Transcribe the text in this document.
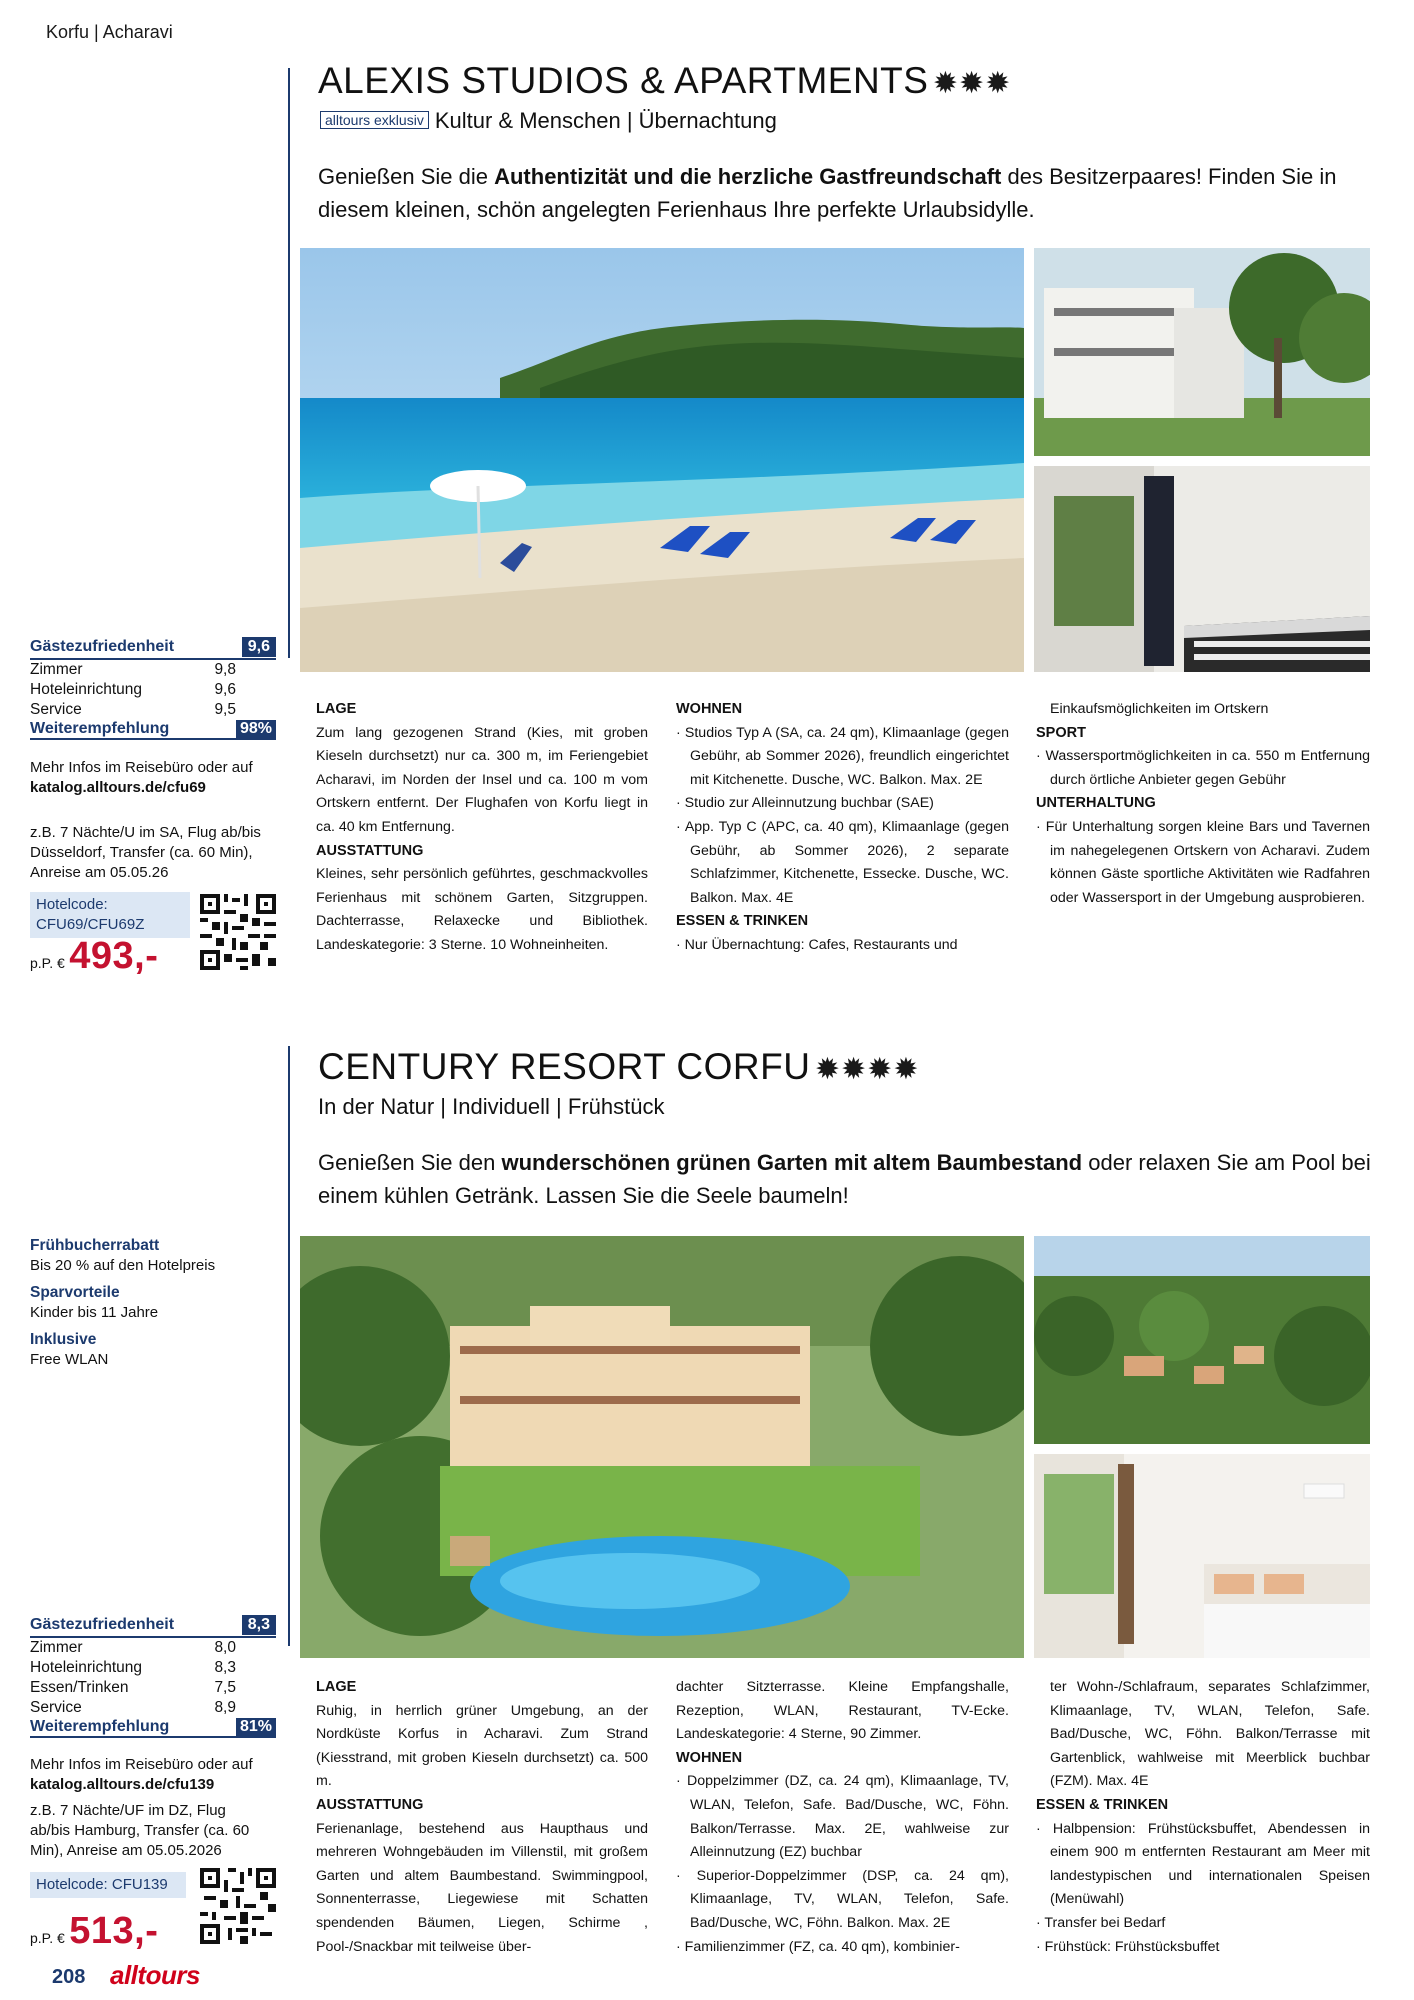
Korfu | Acharavi
ALEXIS STUDIOS & APARTMENTS ✹✹✹
alltours exklusiv Kultur & Menschen | Übernachtung
Genießen Sie die Authentizität und die herzliche Gastfreundschaft des Besitzerpaares! Finden Sie in diesem kleinen, schön angelegten Ferienhaus Ihre perfekte Urlaubsidylle.
Gästezufriedenheit	9,6
Zimmer	9,8
Hoteleinrichtung	9,6
Service	9,5
Weiterempfehlung	98%
Mehr Infos im Reisebüro oder auf
katalog.alltours.de/cfu69
z.B. 7 Nächte/U im SA, Flug ab/bis Düsseldorf, Transfer (ca. 60 Min), Anreise am 05.05.26
Hotelcode:
CFU69/CFU69Z
p.P. € 493,-
LAGE
Zum lang gezogenen Strand (Kies, mit groben Kieseln durchsetzt) nur ca. 300 m, im Feriengebiet Acharavi, im Norden der Insel und ca. 100 m vom Ortskern entfernt. Der Flughafen von Korfu liegt in ca. 40 km Entfernung.
AUSSTATTUNG
Kleines, sehr persönlich geführtes, geschmackvolles Ferienhaus mit schönem Garten, Sitzgruppen. Dachterrasse, Relaxecke und Bibliothek. Landeskategorie: 3 Sterne. 10 Wohneinheiten.
WOHNEN
· Studios Typ A (SA, ca. 24 qm), Klimaanlage (gegen Gebühr, ab Sommer 2026), freundlich eingerichtet mit Kitchenette. Dusche, WC. Balkon. Max. 2E
· Studio zur Alleinnutzung buchbar (SAE)
· App. Typ C (APC, ca. 40 qm), Klimaanlage (gegen Gebühr, ab Sommer 2026), 2 separate Schlafzimmer, Kitchenette, Essecke. Dusche, WC. Balkon. Max. 4E
ESSEN & TRINKEN
· Nur Übernachtung: Cafes, Restaurants und
Einkaufsmöglichkeiten im Ortskern
SPORT
· Wassersportmöglichkeiten in ca. 550 m Entfernung durch örtliche Anbieter gegen Gebühr
UNTERHALTUNG
· Für Unterhaltung sorgen kleine Bars und Tavernen im nahegelegenen Ortskern von Acharavi. Zudem können Gäste sportliche Aktivitäten wie Radfahren oder Wassersport in der Umgebung ausprobieren.
CENTURY RESORT CORFU ✹✹✹✹
In der Natur | Individuell | Frühstück
Genießen Sie den wunderschönen grünen Garten mit altem Baumbestand oder relaxen Sie am Pool bei einem kühlen Getränk. Lassen Sie die Seele baumeln!
Frühbucherrabatt
Bis 20 % auf den Hotelpreis
Sparvorteile
Kinder bis 11 Jahre
Inklusive
Free WLAN
Gästezufriedenheit	8,3
Zimmer	8,0
Hoteleinrichtung	8,3
Essen/Trinken	7,5
Service	8,9
Weiterempfehlung	81%
Mehr Infos im Reisebüro oder auf
katalog.alltours.de/cfu139
z.B. 7 Nächte/UF im DZ, Flug ab/bis Hamburg, Transfer (ca. 60 Min), Anreise am 05.05.2026
Hotelcode: CFU139
p.P. € 513,-
LAGE
Ruhig, in herrlich grüner Umgebung, an der Nordküste Korfus in Acharavi. Zum Strand (Kiesstrand, mit groben Kieseln durchsetzt) ca. 500 m.
AUSSTATTUNG
Ferienanlage, bestehend aus Haupthaus und mehreren Wohngebäuden im Villenstil, mit großem Garten und altem Baumbestand. Swimmingpool, Sonnenterrasse, Liegewiese mit Schatten spendenden Bäumen, Liegen, Schirme , Pool-/Snackbar mit teilweise über-
dachter Sitzterrasse. Kleine Empfangshalle, Rezeption, WLAN, Restaurant, TV-Ecke. Landeskategorie: 4 Sterne, 90 Zimmer.
WOHNEN
· Doppelzimmer (DZ, ca. 24 qm), Klimaanlage, TV, WLAN, Telefon, Safe. Bad/Dusche, WC, Föhn. Balkon/Terrasse. Max. 2E, wahlweise zur Alleinnutzung (EZ) buchbar
· Superior-Doppelzimmer (DSP, ca. 24 qm), Klimaanlage, TV, WLAN, Telefon, Safe. Bad/Dusche, WC, Föhn. Balkon. Max. 2E
· Familienzimmer (FZ, ca. 40 qm), kombinier-
ter Wohn-/Schlafraum, separates Schlafzimmer, Klimaanlage, TV, WLAN, Telefon, Safe. Bad/Dusche, WC, Föhn. Balkon/Terrasse mit Gartenblick, wahlweise mit Meerblick buchbar (FZM). Max. 4E
ESSEN & TRINKEN
· Halbpension: Frühstücksbuffet, Abendessen in einem 900 m entfernten Restaurant am Meer mit landestypischen und internationalen Speisen (Menüwahl)
· Transfer bei Bedarf
· Frühstück: Frühstücksbuffet
208 alltours
